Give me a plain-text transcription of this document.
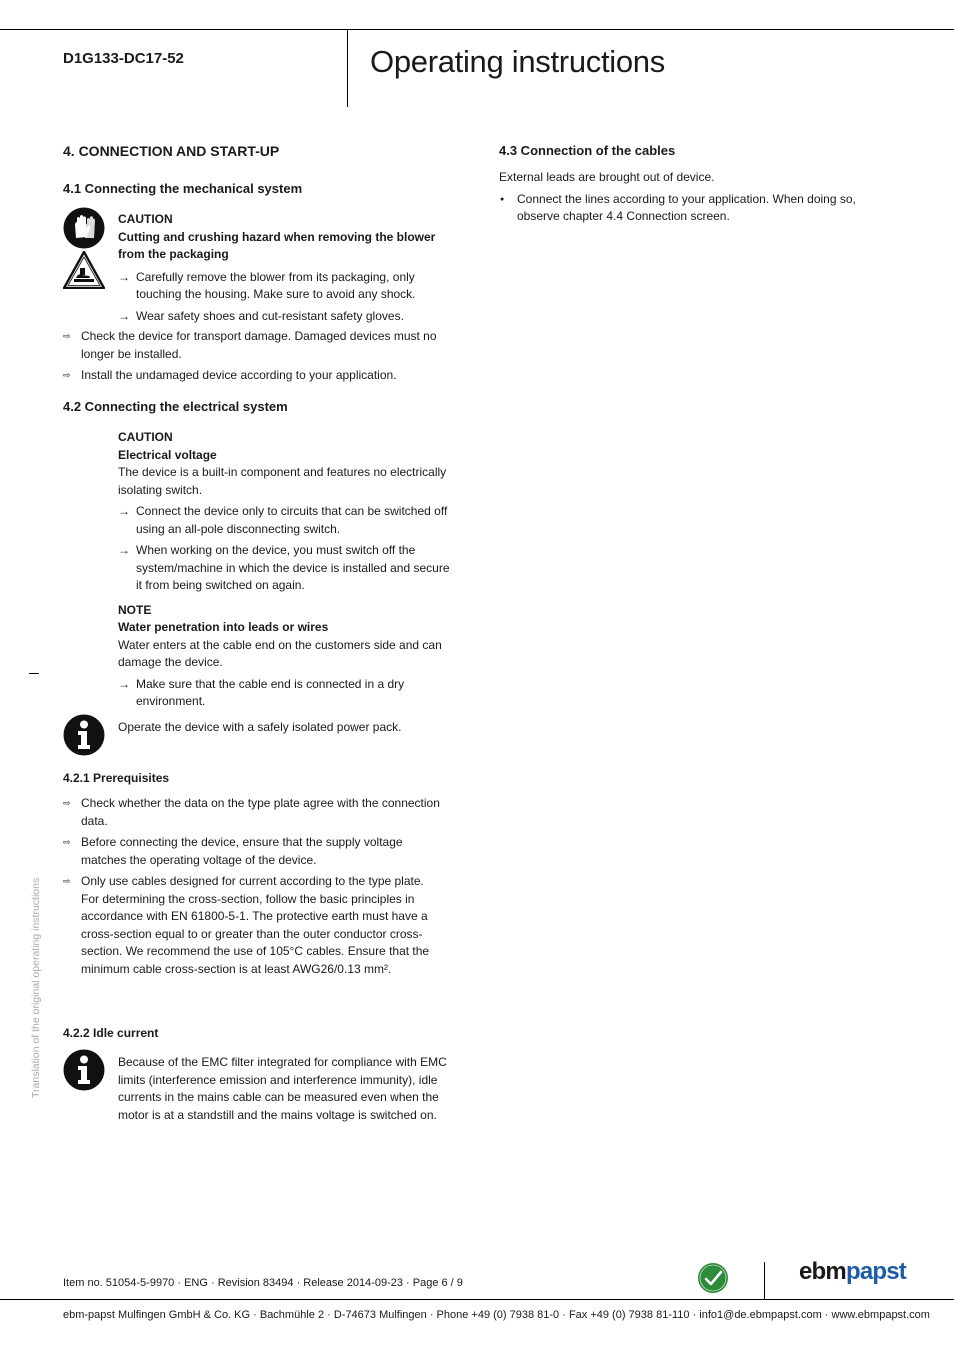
D1G133-DC17-52	Operating instructions
4. CONNECTION AND START-UP
4.1 Connecting the mechanical system
CAUTION
Cutting and crushing hazard when removing the blower from the packaging
→ Carefully remove the blower from its packaging, only touching the housing. Make sure to avoid any shock.
→ Wear safety shoes and cut-resistant safety gloves.
⇨ Check the device for transport damage. Damaged devices must no longer be installed.
⇨ Install the undamaged device according to your application.
4.2 Connecting the electrical system
CAUTION
Electrical voltage
The device is a built-in component and features no electrically isolating switch.
→ Connect the device only to circuits that can be switched off using an all-pole disconnecting switch.
→ When working on the device, you must switch off the system/machine in which the device is installed and secure it from being switched on again.
NOTE
Water penetration into leads or wires
Water enters at the cable end on the customers side and can damage the device.
→ Make sure that the cable end is connected in a dry environment.
Operate the device with a safely isolated power pack.
4.2.1 Prerequisites
⇨ Check whether the data on the type plate agree with the connection data.
⇨ Before connecting the device, ensure that the supply voltage matches the operating voltage of the device.
⇨ Only use cables designed for current according to the type plate. For determining the cross-section, follow the basic principles in accordance with EN 61800-5-1. The protective earth must have a cross-section equal to or greater than the outer conductor cross-section. We recommend the use of 105°C cables. Ensure that the minimum cable cross-section is at least AWG26/0.13 mm².
4.2.2 Idle current
Because of the EMC filter integrated for compliance with EMC limits (interference emission and interference immunity), idle currents in the mains cable can be measured even when the motor is at a standstill and the mains voltage is switched on.
4.3 Connection of the cables
External leads are brought out of device.
● Connect the lines according to your application. When doing so, observe chapter 4.4 Connection screen.
Translation of the original operating instructions
Item no. 51054-5-9970 · ENG · Revision 83494 · Release 2014-09-23 · Page 6 / 9	ebmpapst
ebm-papst Mulfingen GmbH & Co. KG · Bachmühle 2 · D-74673 Mulfingen · Phone +49 (0) 7938 81-0 · Fax +49 (0) 7938 81-110 · info1@de.ebmpapst.com · www.ebmpapst.com
